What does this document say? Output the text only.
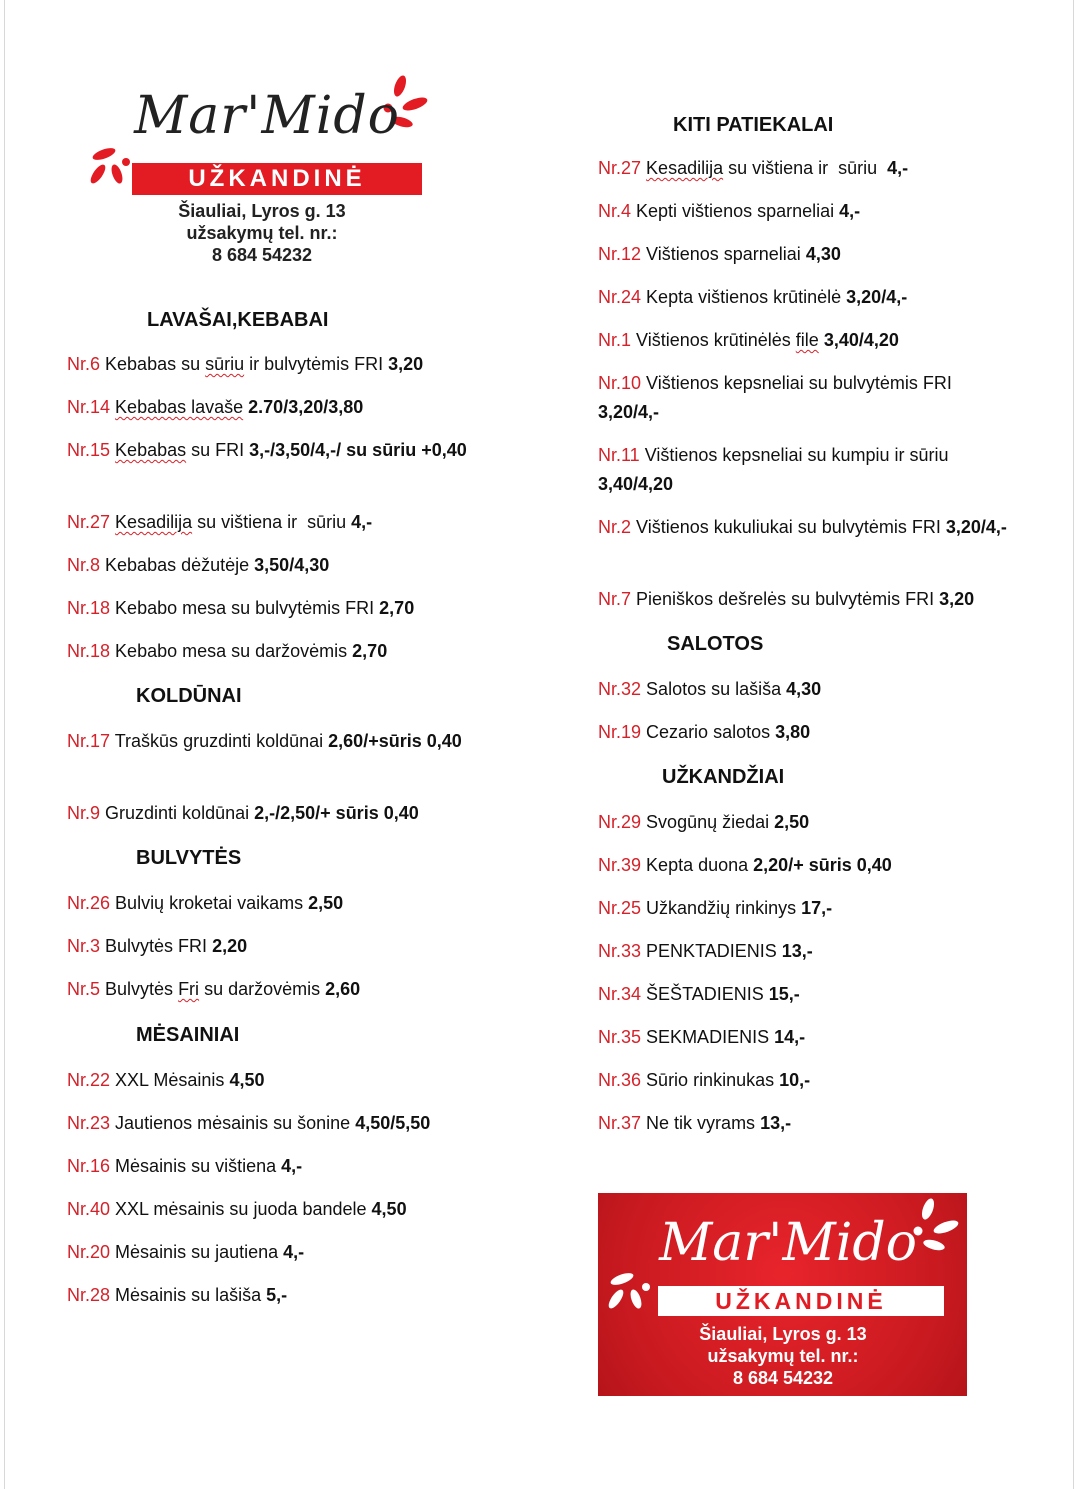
Mar'Mido
UŽKANDINĖ
Šiauliai, Lyros g. 13
užsakymų tel. nr.:
8 684 54232
LAVAŠAI,KEBABAI
Nr.6 Kebabas su sūriu ir bulvytėmis FRI 3,20
Nr.14 Kebabas lavaše 2.70/3,20/3,80
Nr.15 Kebabas su FRI 3,-/3,50/4,-/ su sūriu +0,40
Nr.27 Kesadilija su vištiena ir  sūriu 4,-
Nr.8 Kebabas dėžutėje 3,50/4,30
Nr.18 Kebabo mesa su bulvytėmis FRI 2,70
Nr.18 Kebabo mesa su daržovėmis 2,70
KOLDŪNAI
Nr.17 Traškūs gruzdinti koldūnai 2,60/+sūris 0,40
Nr.9 Gruzdinti koldūnai 2,-/2,50/+ sūris 0,40
BULVYTĖS
Nr.26 Bulvių kroketai vaikams 2,50
Nr.3 Bulvytės FRI 2,20
Nr.5 Bulvytės Fri su daržovėmis 2,60
MĖSAINIAI
Nr.22 XXL Mėsainis 4,50
Nr.23 Jautienos mėsainis su šonine 4,50/5,50
Nr.16 Mėsainis su vištiena 4,-
Nr.40 XXL mėsainis su juoda bandele 4,50
Nr.20 Mėsainis su jautiena 4,-
Nr.28 Mėsainis su lašiša 5,-
KITI PATIEKALAI
Nr.27 Kesadilija su vištiena ir  sūriu  4,-
Nr.4 Kepti vištienos sparneliai 4,-
Nr.12 Vištienos sparneliai 4,30
Nr.24 Kepta vištienos krūtinėlė 3,20/4,-
Nr.1 Vištienos krūtinėlės file 3,40/4,20
Nr.10 Vištienos kepsneliai su bulvytėmis FRI 3,20/4,-
Nr.11 Vištienos kepsneliai su kumpiu ir sūriu 3,40/4,20
Nr.2 Vištienos kukuliukai su bulvytėmis FRI 3,20/4,-
Nr.7 Pieniškos dešrelės su bulvytėmis FRI 3,20
SALOTOS
Nr.32 Salotos su lašiša 4,30
Nr.19 Cezario salotos 3,80
UŽKANDŽIAI
Nr.29 Svogūnų žiedai 2,50
Nr.39 Kepta duona 2,20/+ sūris 0,40
Nr.25 Užkandžių rinkinys 17,-
Nr.33 PENKTADIENIS 13,-
Nr.34 ŠEŠTADIENIS 15,-
Nr.35 SEKMADIENIS 14,-
Nr.36 Sūrio rinkinukas 10,-
Nr.37 Ne tik vyrams 13,-
Mar'Mido
UŽKANDINĖ
Šiauliai, Lyros g. 13
užsakymų tel. nr.:
8 684 54232
